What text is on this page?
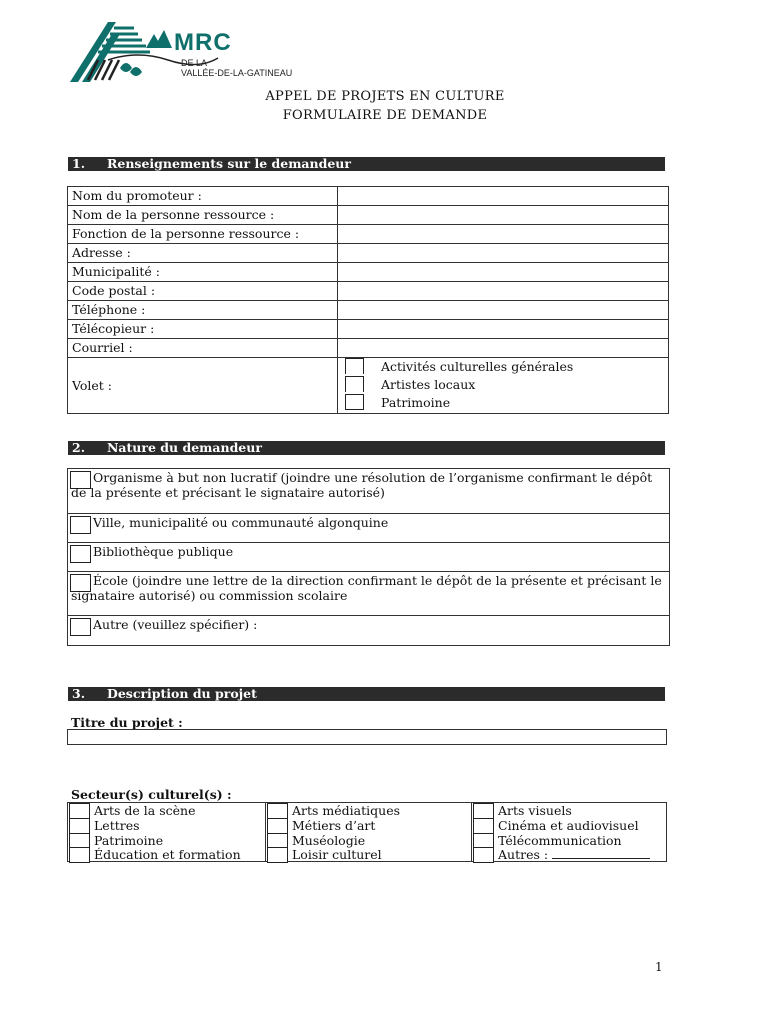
MRC
DE LA
VALLÉE-DE-LA-GATINEAU
APPEL DE PROJETS EN CULTURE
FORMULAIRE DE DEMANDE
1. Renseignements sur le demandeur
Nom du promoteur :
Nom de la personne ressource :
Fonction de la personne ressource :
Adresse :
Municipalité :
Code postal :
Téléphone :
Télécopieur :
Courriel :
Volet :
Activités culturelles générales
Artistes locaux
Patrimoine
2. Nature du demandeur
Organisme à but non lucratif (joindre une résolution de l’organisme confirmant le dépôt de la présente et précisant le signataire autorisé)
Ville, municipalité ou communauté algonquine
Bibliothèque publique
École (joindre une lettre de la direction confirmant le dépôt de la présente et précisant le signataire autorisé) ou commission scolaire
Autre (veuillez spécifier) :
3. Description du projet
Titre du projet :
Secteur(s) culturel(s) :
Arts de la scène
Lettres
Patrimoine
Éducation et formation
Arts médiatiques
Métiers d’art
Muséologie
Loisir culturel
Arts visuels
Cinéma et audiovisuel
Télécommunication
Autres :
1
